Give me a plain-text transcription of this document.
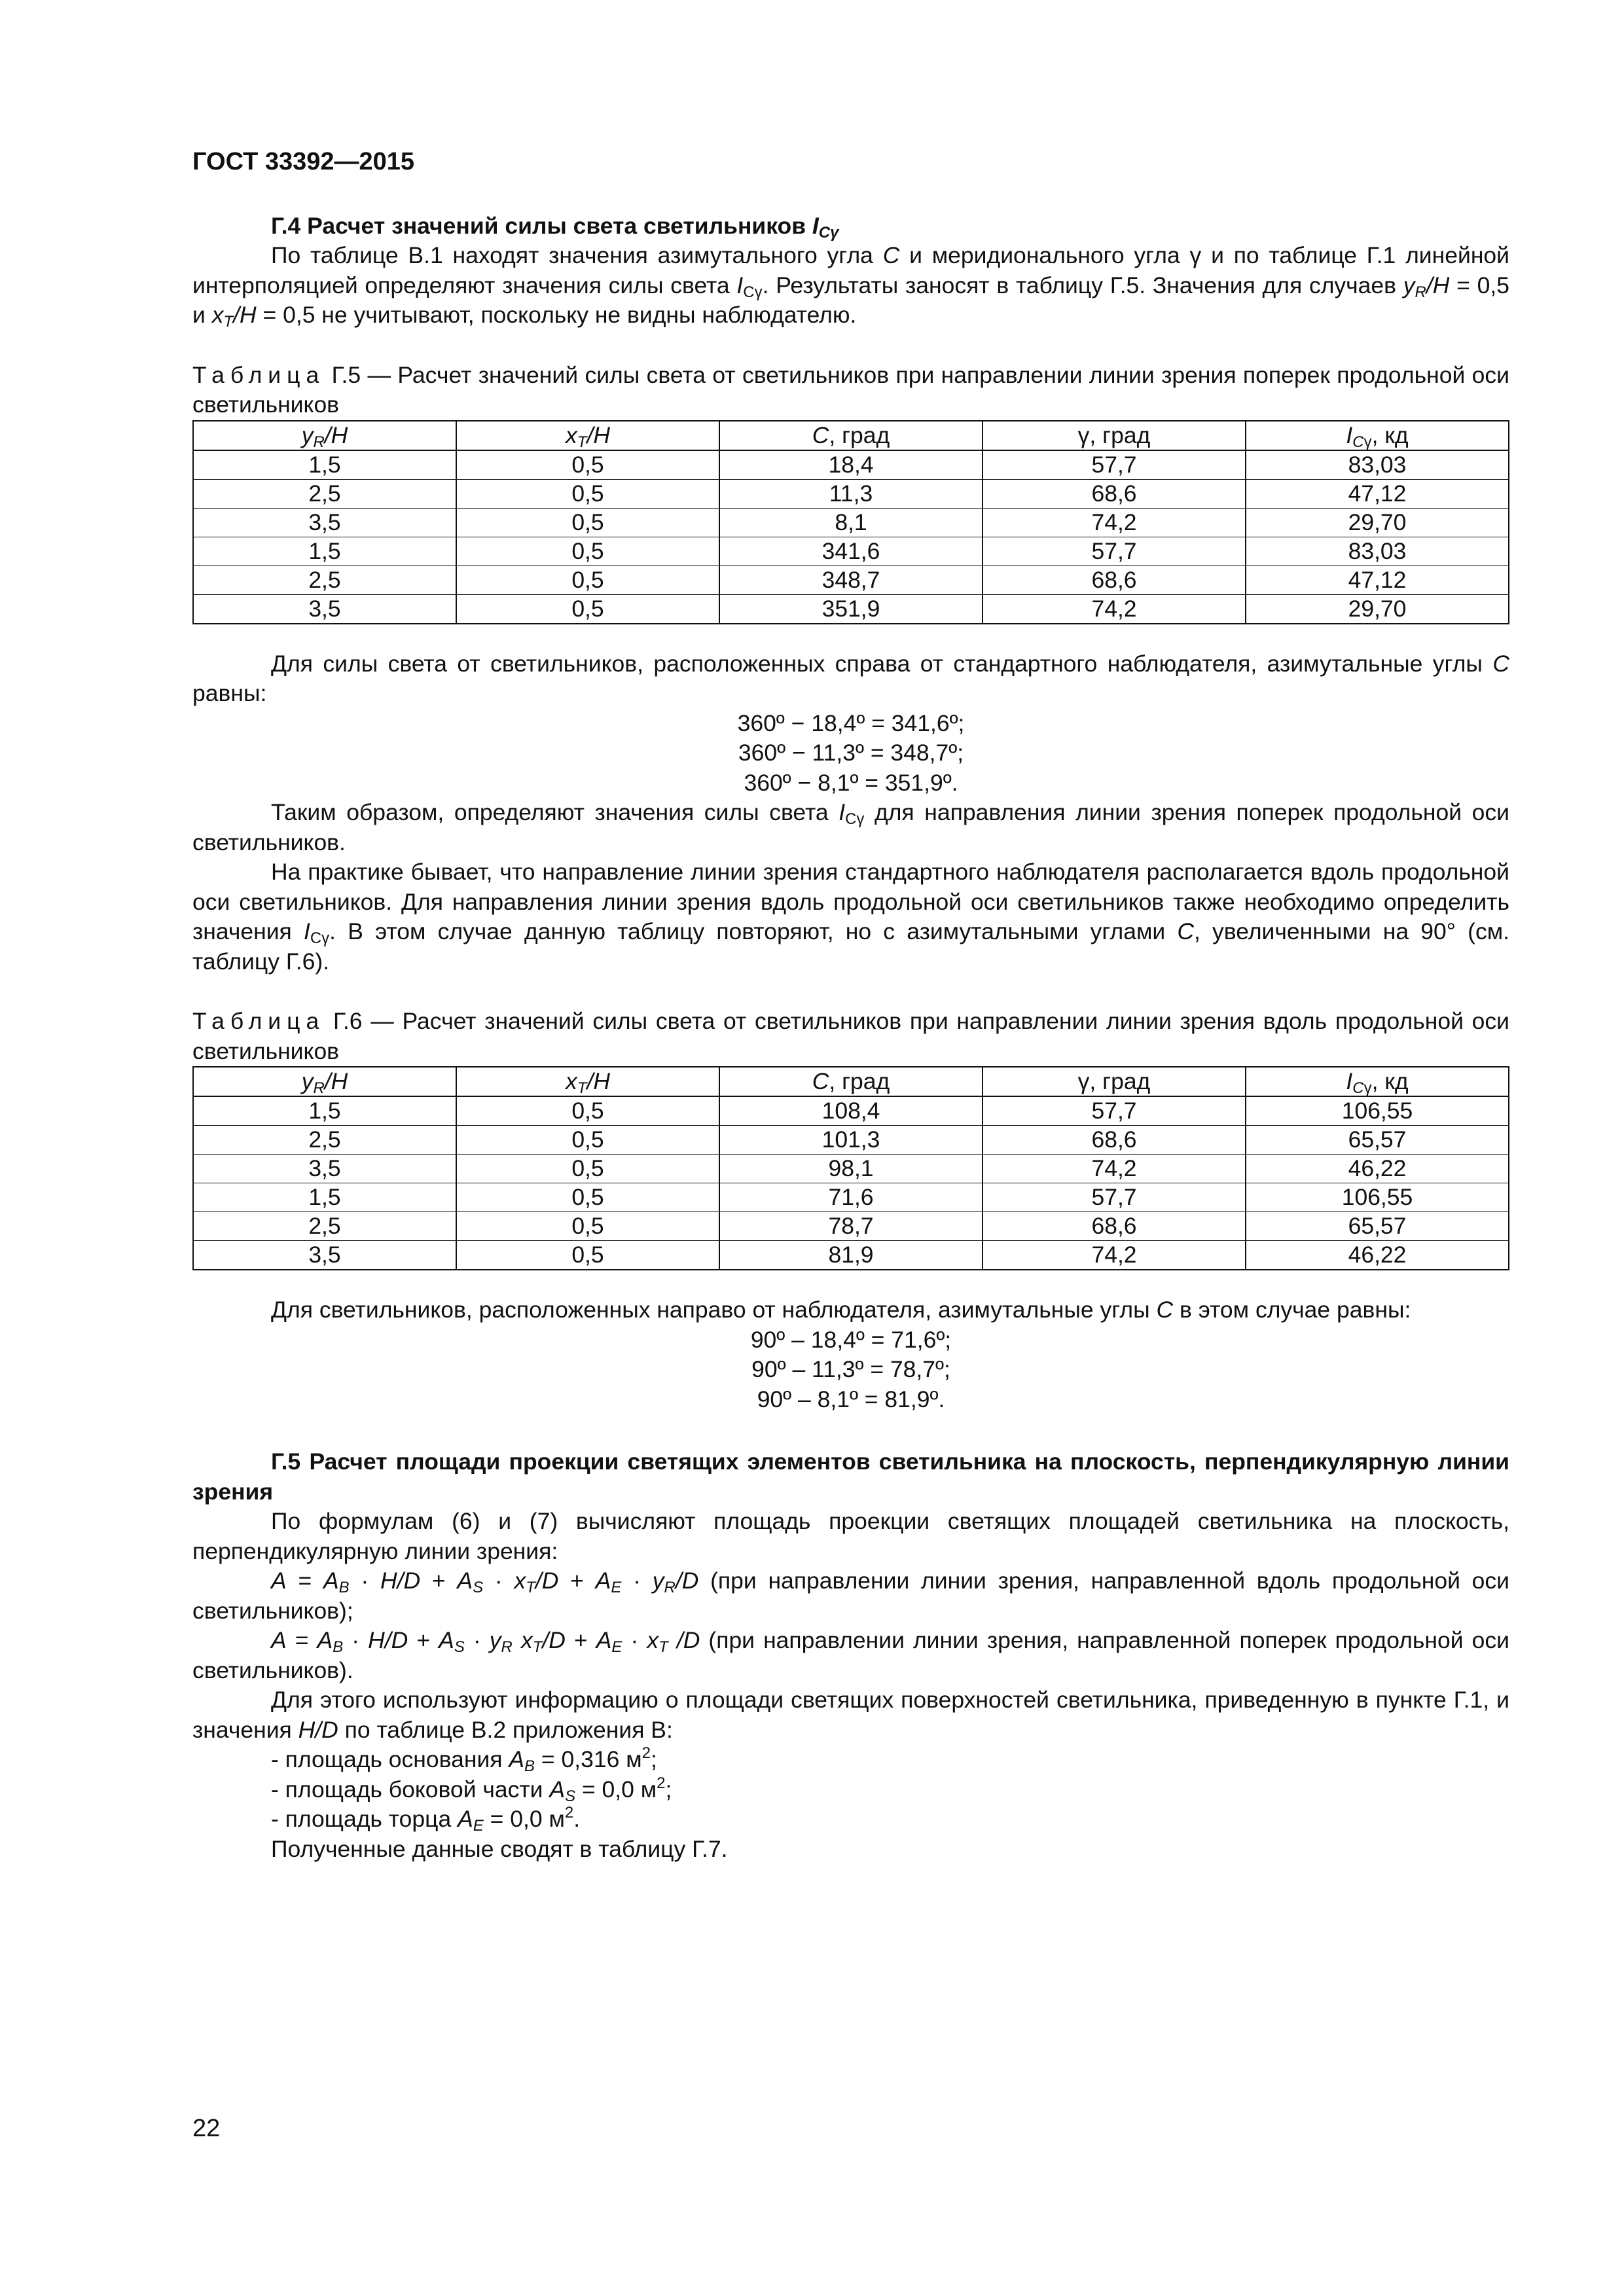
ГОСТ 33392—2015

Г.4 Расчет значений силы света светильников $I_{C\gamma}$

По таблице В.1 находят значения азимутального угла C и меридионального угла γ и по таблице Г.1 линейной интерполяцией определяют значения силы света $I_{C\gamma}$. Результаты заносят в таблицу Г.5. Значения для случаев $y_R/H = 0,5$ и $x_T/H = 0,5$ не учитывают, поскольку не видны наблюдателю.

Таблица Г.5 — Расчет значений силы света от светильников при направлении линии зрения поперек продольной оси светильников

$y_R/H$	$x_T/H$	C, град	γ, град	$I_{C\gamma}$, кд
1,5	0,5	18,4	57,7	83,03
2,5	0,5	11,3	68,6	47,12
3,5	0,5	8,1	74,2	29,70
1,5	0,5	341,6	57,7	83,03
2,5	0,5	348,7	68,6	47,12
3,5	0,5	351,9	74,2	29,70

Для силы света от светильников, расположенных справа от стандартного наблюдателя, азимутальные углы C равны:

360º − 18,4º = 341,6º;

360º − 11,3º = 348,7º;

360º − 8,1º = 351,9º.

Таким образом, определяют значения силы света $I_{C\gamma}$ для направления линии зрения поперек продольной оси светильников.

На практике бывает, что направление линии зрения стандартного наблюдателя располагается вдоль продольной оси светильников. Для направления линии зрения вдоль продольной оси светильников также необходимо определить значения $I_{C\gamma}$. В этом случае данную таблицу повторяют, но с азимутальными углами C, увеличенными на 90° (см. таблицу Г.6).

Таблица Г.6 — Расчет значений силы света от светильников при направлении линии зрения вдоль продольной оси светильников

$y_R/H$	$x_T/H$	C, град	γ, град	$I_{C\gamma}$, кд
1,5	0,5	108,4	57,7	106,55
2,5	0,5	101,3	68,6	65,57
3,5	0,5	98,1	74,2	46,22
1,5	0,5	71,6	57,7	106,55
2,5	0,5	78,7	68,6	65,57
3,5	0,5	81,9	74,2	46,22

Для светильников, расположенных направо от наблюдателя, азимутальные углы C в этом случае равны:

90º – 18,4º = 71,6º;

90º – 11,3º = 78,7º;

90º – 8,1º = 81,9º.

Г.5 Расчет площади проекции светящих элементов светильника на плоскость, перпендикулярную линии зрения

По формулам (6) и (7) вычисляют площадь проекции светящих площадей светильника на плоскость, перпендикулярную линии зрения:

$A = A_B \cdot H/D + A_S \cdot x_T/D + A_E \cdot y_R/D$ (при направлении линии зрения, направленной вдоль продольной оси светильников);

$A = A_B \cdot H/D + A_S \cdot y_R$ $x_T/D + A_E \cdot x_T$ /D (при направлении линии зрения, направленной поперек продольной оси светильников).

Для этого используют информацию о площади светящих поверхностей светильника, приведенную в пункте Г.1, и значения H/D по таблице В.2 приложения В:

- площадь основания $A_B = 0,316$ $м^2$;
- площадь боковой части $A_S = 0,0$ $м^2$;
- площадь торца $A_E = 0,0$ $м^2$.

Полученные данные сводят в таблицу Г.7.

22
